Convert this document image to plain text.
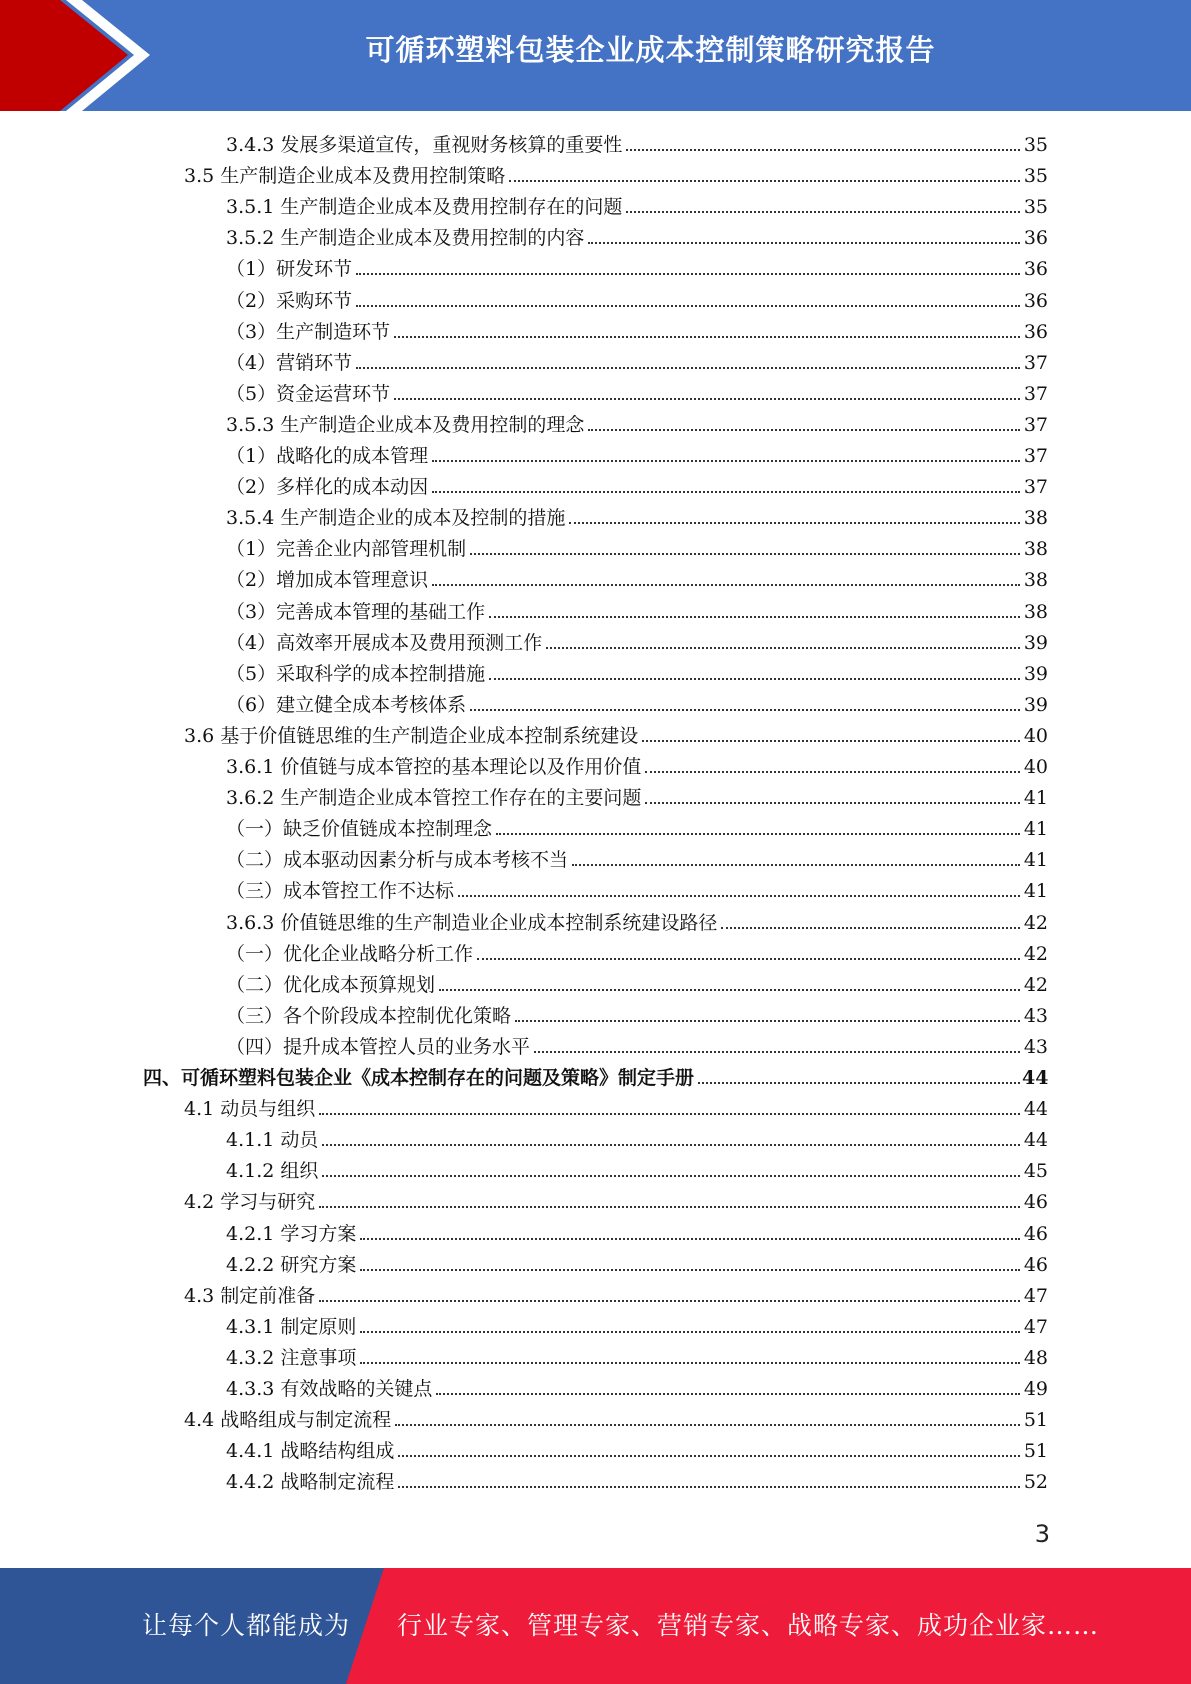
可循环塑料包装企业成本控制策略研究报告
3.4.3 发展多渠道宣传，重视财务核算的重要性	35
3.5 生产制造企业成本及费用控制策略	35
3.5.1 生产制造企业成本及费用控制存在的问题	35
3.5.2 生产制造企业成本及费用控制的内容	36
（1）研发环节	36
（2）采购环节	36
（3）生产制造环节	36
（4）营销环节	37
（5）资金运营环节	37
3.5.3 生产制造企业成本及费用控制的理念	37
（1）战略化的成本管理	37
（2）多样化的成本动因	37
3.5.4 生产制造企业的成本及控制的措施	38
（1）完善企业内部管理机制	38
（2）增加成本管理意识	38
（3）完善成本管理的基础工作	38
（4）高效率开展成本及费用预测工作	39
（5）采取科学的成本控制措施	39
（6）建立健全成本考核体系	39
3.6 基于价值链思维的生产制造企业成本控制系统建设	40
3.6.1 价值链与成本管控的基本理论以及作用价值	40
3.6.2 生产制造企业成本管控工作存在的主要问题	41
（一）缺乏价值链成本控制理念	41
（二）成本驱动因素分析与成本考核不当	41
（三）成本管控工作不达标	41
3.6.3 价值链思维的生产制造业企业成本控制系统建设路径	42
（一）优化企业战略分析工作	42
（二）优化成本预算规划	42
（三）各个阶段成本控制优化策略	43
（四）提升成本管控人员的业务水平	43
四、可循环塑料包装企业《成本控制存在的问题及策略》制定手册	44
4.1 动员与组织	44
4.1.1 动员	44
4.1.2 组织	45
4.2 学习与研究	46
4.2.1 学习方案	46
4.2.2 研究方案	46
4.3 制定前准备	47
4.3.1 制定原则	47
4.3.2 注意事项	48
4.3.3 有效战略的关键点	49
4.4 战略组成与制定流程	51
4.4.1 战略结构组成	51
4.4.2 战略制定流程	52
3
让每个人都能成为 行业专家、管理专家、营销专家、战略专家、成功企业家……
